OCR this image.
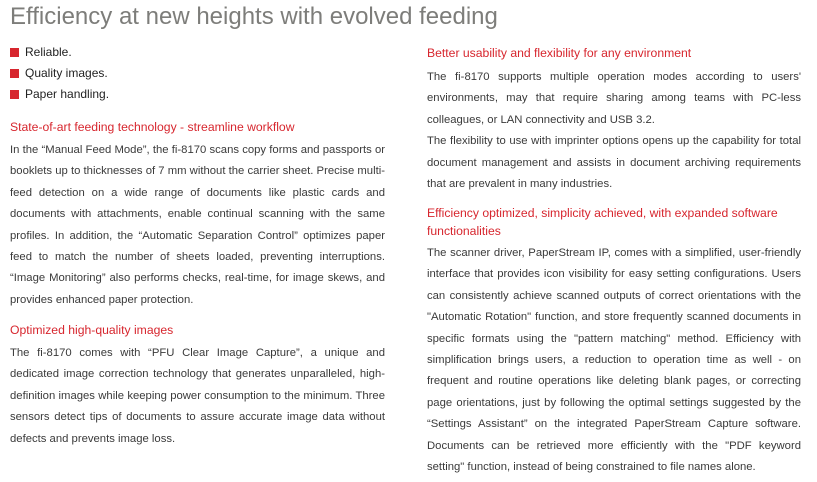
Efficiency at new heights with evolved feeding
Reliable.
Quality images.
Paper handling.
State-of-art feeding technology - streamline workflow

In the “Manual Feed Mode”, the fi-8170 scans copy forms and passports or booklets up to thicknesses of 7 mm without the carrier sheet. Precise multi-feed detection on a wide range of documents like plastic cards and documents with attachments, enable continual scanning with the same profiles. In addition, the “Automatic Separation Control” optimizes paper feed to match the number of sheets loaded, preventing interruptions. “Image Monitoring” also performs checks, real-time, for image skews, and provides enhanced paper protection.

Optimized high-quality images

The fi-8170 comes with “PFU Clear Image Capture”, a unique and dedicated image correction technology that generates unparalleled, high-definition images while keeping power consumption to the minimum. Three sensors detect tips of documents to assure accurate image data without defects and prevents image loss.

Better usability and flexibility for any environment

The fi-8170 supports multiple operation modes according to users' environments, may that require sharing among teams with PC-less colleagues, or LAN connectivity and USB 3.2.

The flexibility to use with imprinter options opens up the capability for total document management and assists in document archiving requirements that are prevalent in many industries.

Efficiency optimized, simplicity achieved, with expanded software functionalities

The scanner driver, PaperStream IP, comes with a simplified, user-friendly interface that provides icon visibility for easy setting configurations. Users can consistently achieve scanned outputs of correct orientations with the "Automatic Rotation" function, and store frequently scanned documents in specific formats using the "pattern matching" method. Efficiency with simplification brings users, a reduction to operation time as well - on frequent and routine operations like deleting blank pages, or correcting page orientations, just by following the optimal settings suggested by the “Settings Assistant” on the integrated PaperStream Capture software. Documents can be retrieved more efficiently with the "PDF keyword setting" function, instead of being constrained to file names alone.
